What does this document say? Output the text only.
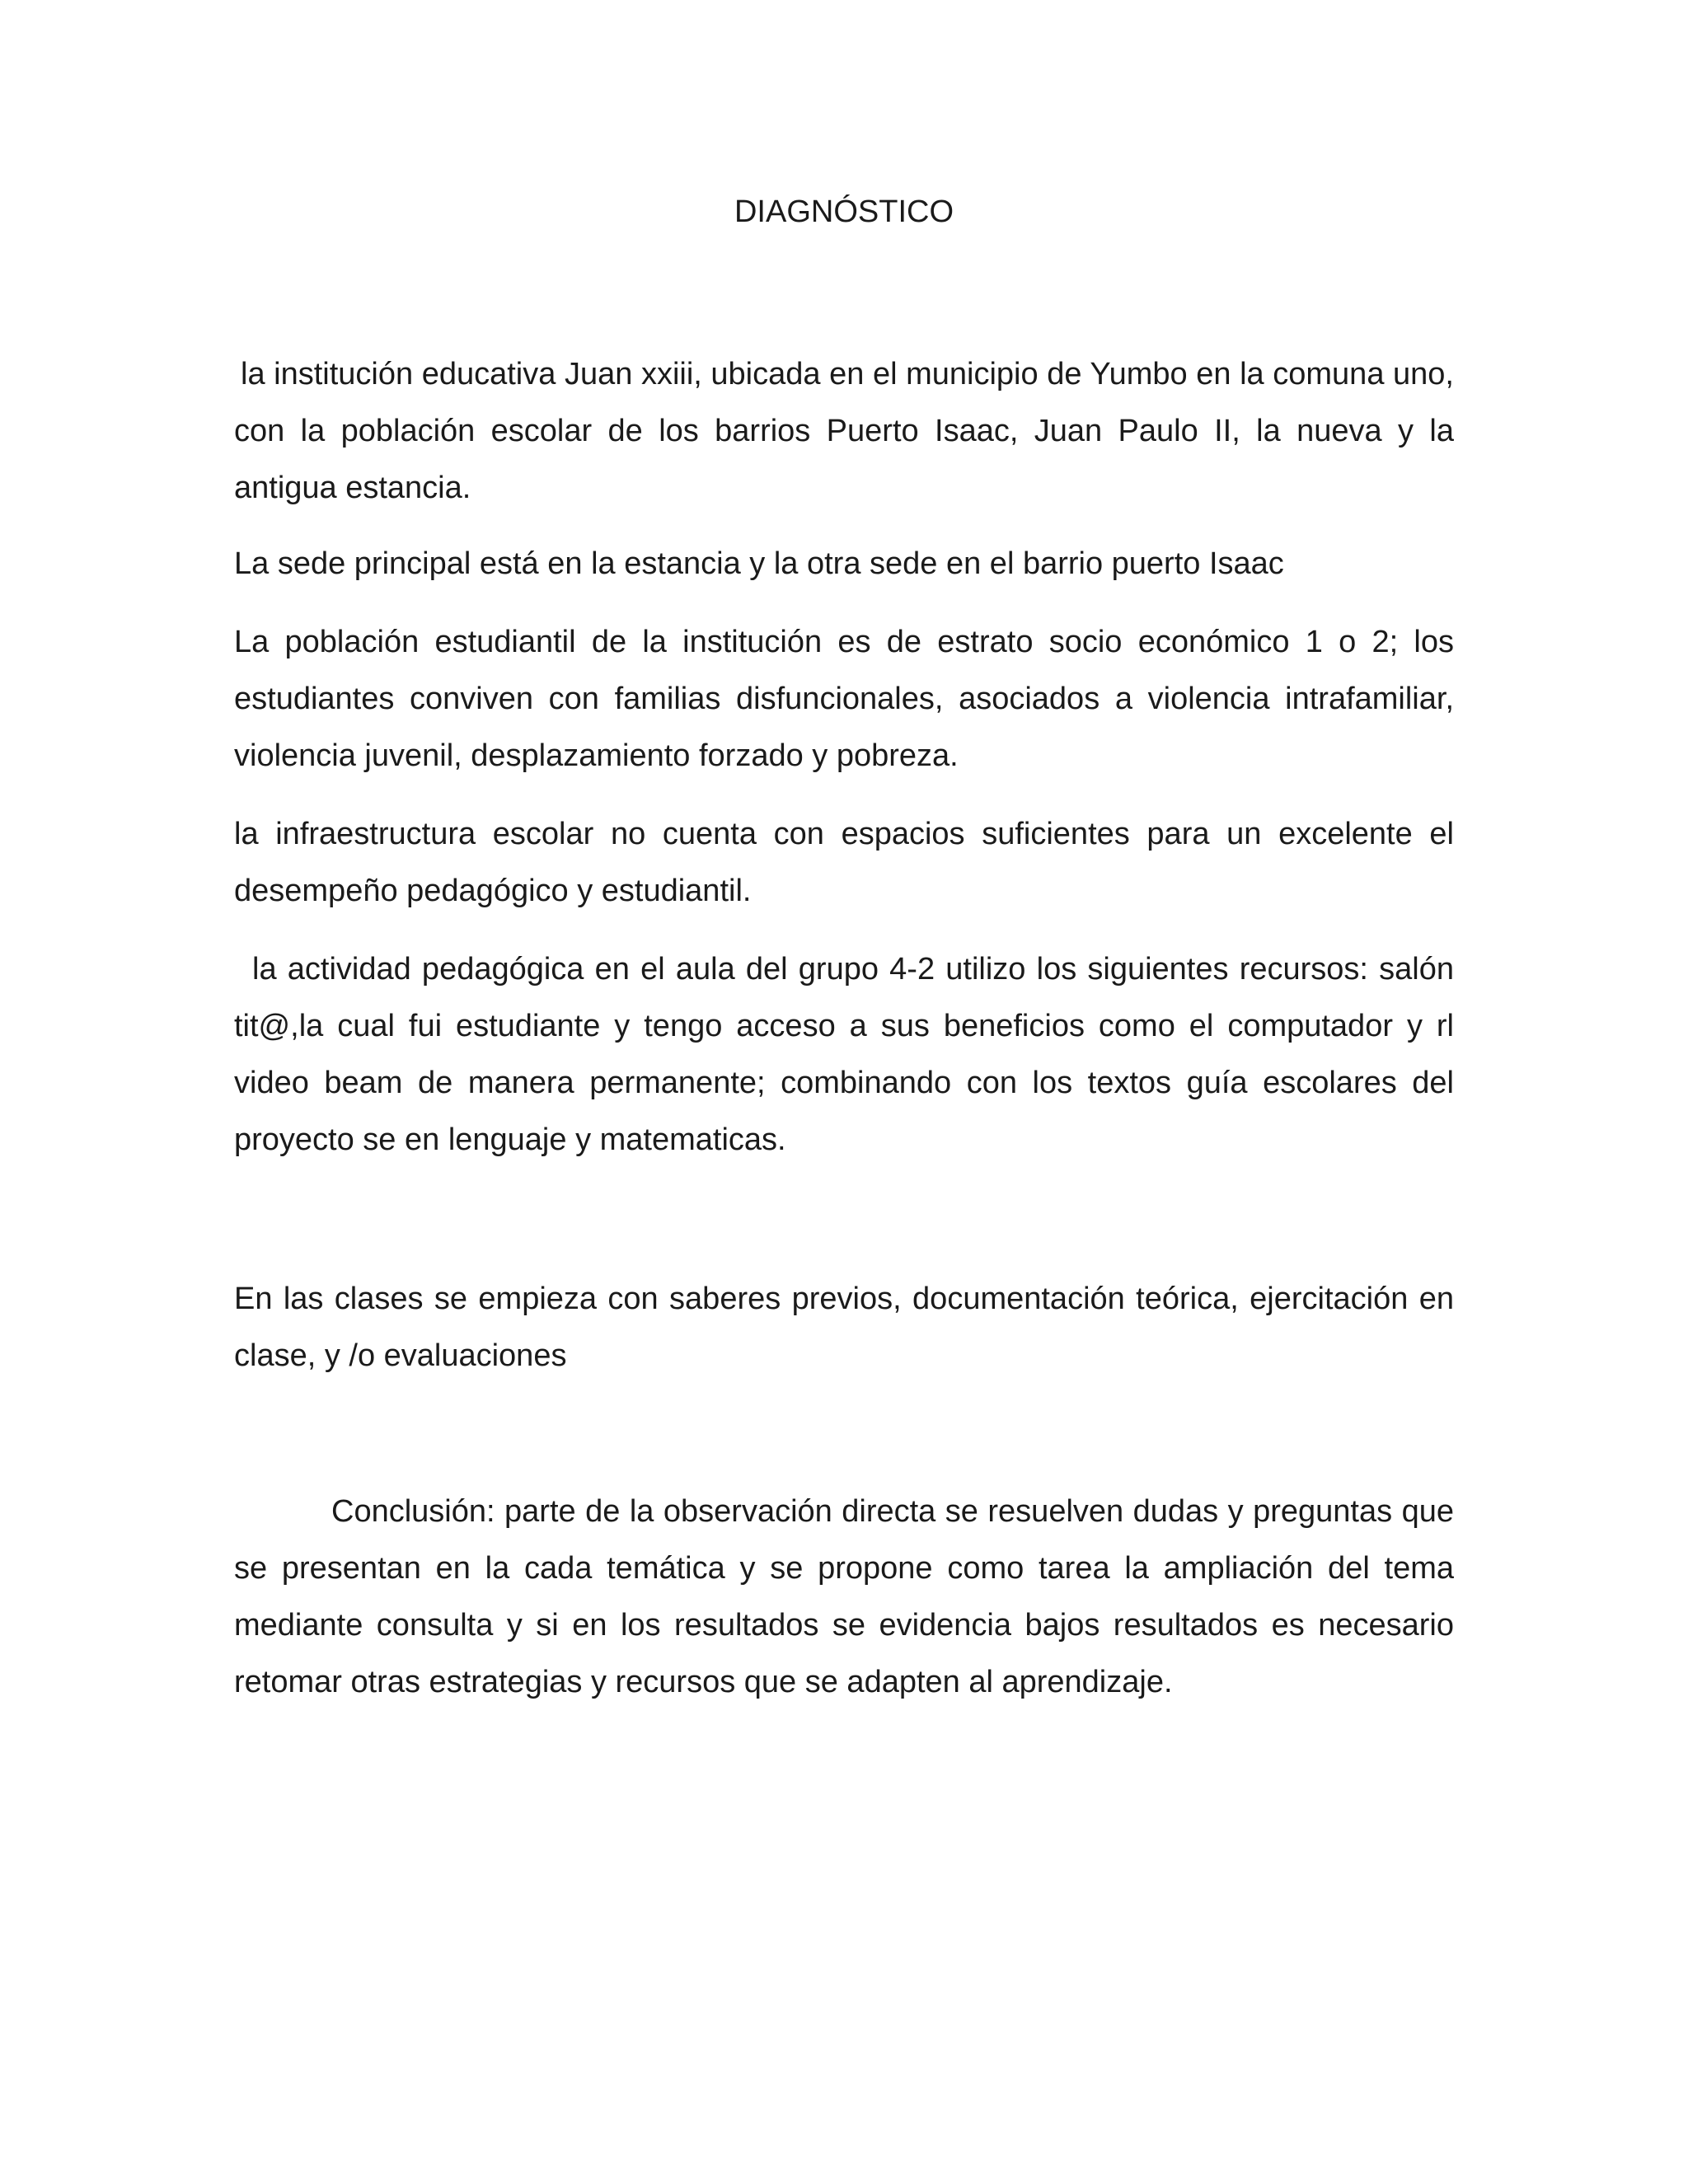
DIAGNÓSTICO

la institución educativa Juan xxiii, ubicada en el municipio de Yumbo en la comuna uno, con la población escolar de los barrios Puerto Isaac, Juan Paulo II, la nueva y la antigua estancia.

La sede principal está en la estancia y la otra sede en el barrio puerto Isaac

La población estudiantil de la institución es de estrato socio económico 1 o 2; los estudiantes conviven con familias disfuncionales, asociados a violencia intrafamiliar, violencia juvenil, desplazamiento forzado y pobreza.

la infraestructura escolar no cuenta con espacios suficientes para un excelente el desempeño pedagógico y estudiantil.

la actividad pedagógica en el aula del grupo 4-2 utilizo los siguientes recursos: salón tit@,la cual fui estudiante y tengo acceso a sus beneficios como el computador y rl video beam de manera permanente; combinando con los textos guía escolares del proyecto se en lenguaje y matematicas.

En las clases se empieza con saberes previos, documentación teórica, ejercitación en clase, y /o evaluaciones

Conclusión: parte de la observación directa se resuelven dudas y preguntas que se presentan en la cada temática y se propone como tarea la ampliación del tema mediante consulta y si en los resultados se evidencia bajos resultados es necesario retomar otras estrategias y recursos que se adapten al aprendizaje.
